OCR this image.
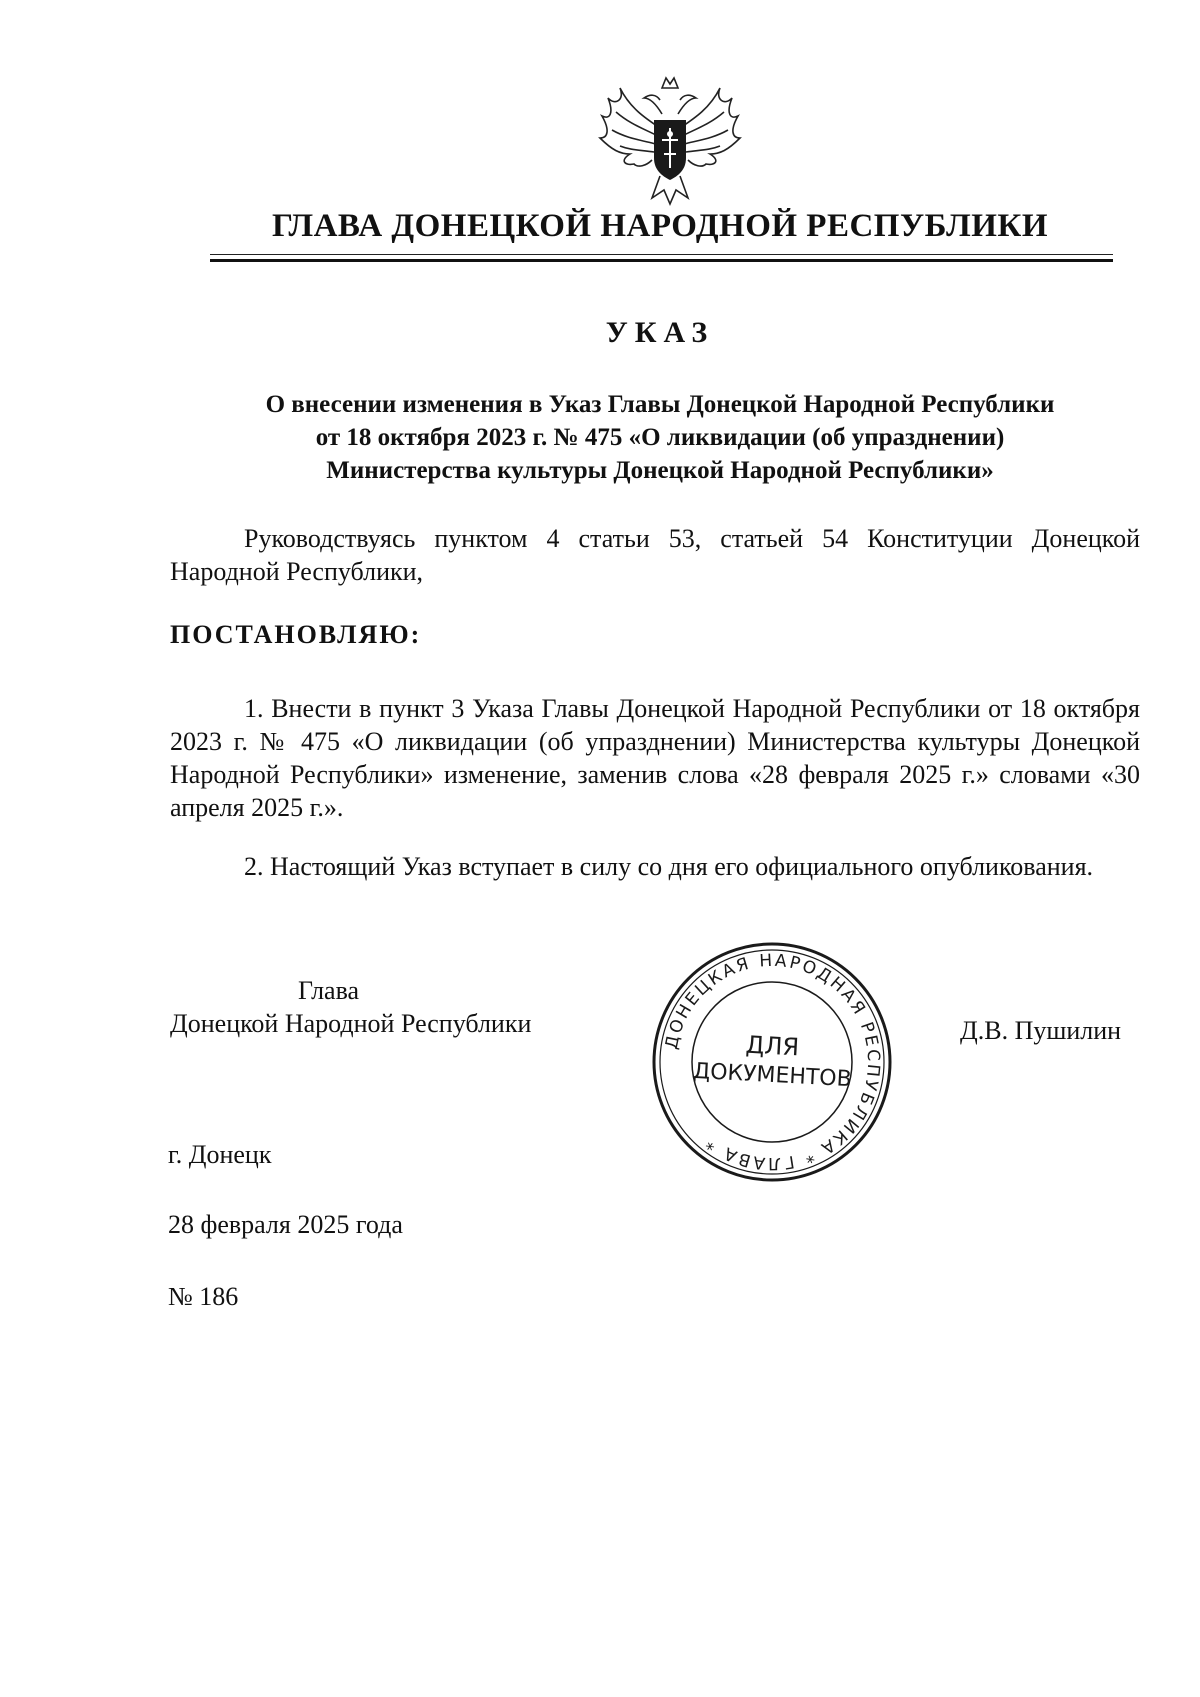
ГЛАВА ДОНЕЦКОЙ НАРОДНОЙ РЕСПУБЛИКИ
УКАЗ
О внесении изменения в Указ Главы Донецкой Народной Республики
от 18 октября 2023 г. № 475 «О ликвидации (об упразднении)
Министерства культуры Донецкой Народной Республики»
Руководствуясь пунктом 4 статьи 53, статьей 54 Конституции Донецкой Народной Республики,
ПОСТАНОВЛЯЮ:
1. Внести в пункт 3 Указа Главы Донецкой Народной Республики от 18 октября 2023 г. № 475 «О ликвидации (об упразднении) Министерства культуры Донецкой Народной Республики» изменение, заменив слова «28 февраля 2025 г.» словами «30 апреля 2025 г.».
2. Настоящий Указ вступает в силу со дня его официального опубликования.
Глава
Донецкой Народной Республики
ДОНЕЦКАЯ НАРОДНАЯ РЕСПУБЛИКА * ГЛАВА *
ДЛЯ
ДОКУМЕНТОВ
Д.В. Пушилин
г. Донецк
28 февраля 2025 года
№ 186
